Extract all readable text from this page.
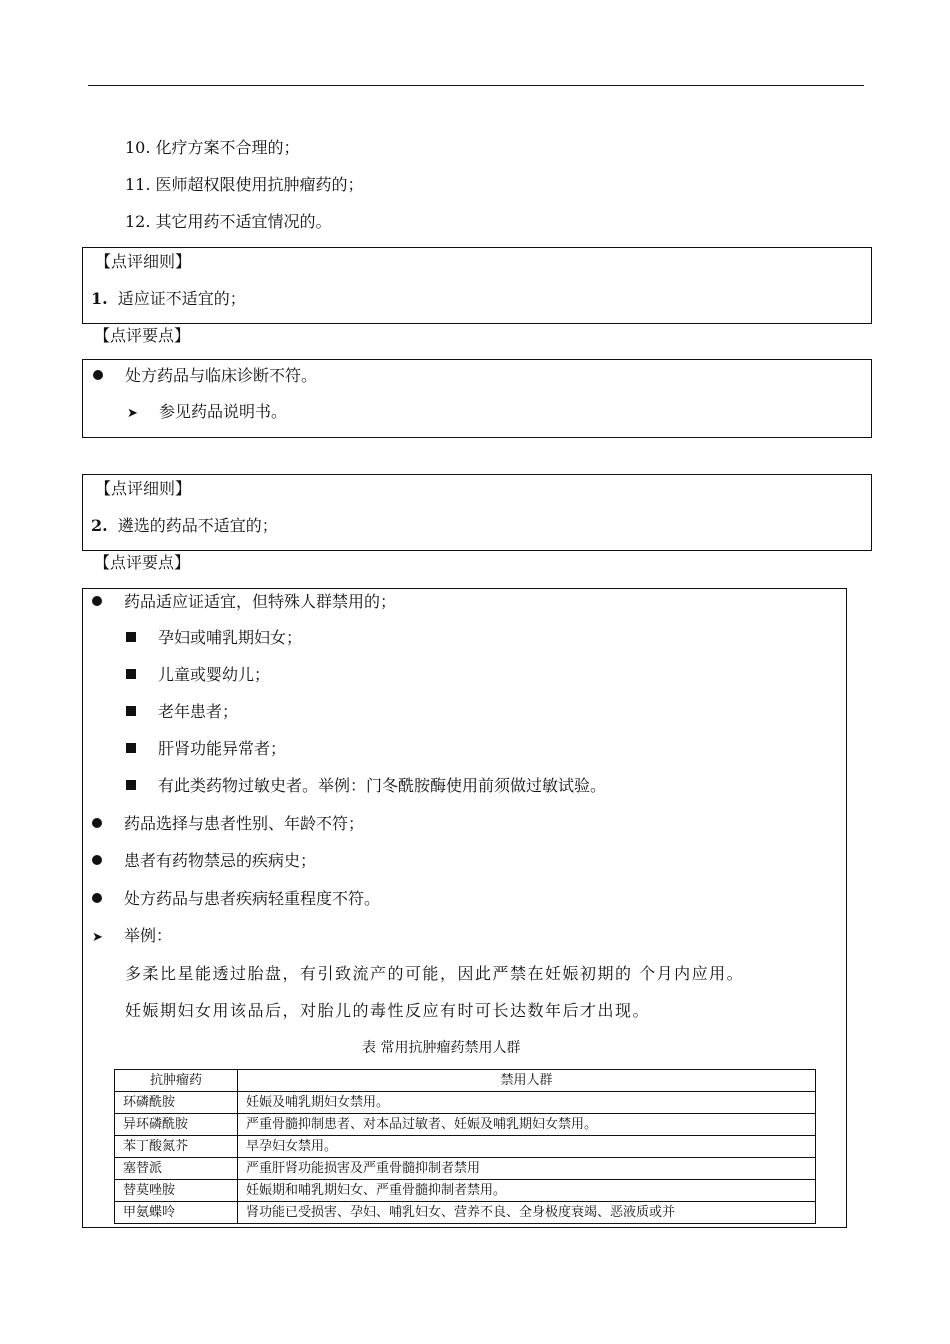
10. 化疗方案不合理的；
11. 医师超权限使用抗肿瘤药的；
12. 其它用药不适宜情况的。
【点评细则】
1. 适应证不适宜的；
【点评要点】
处方药品与临床诊断不符。
➤ 参见药品说明书。
【点评细则】
2. 遴选的药品不适宜的；
【点评要点】
药品适应证适宜，但特殊人群禁用的；
孕妇或哺乳期妇女；
儿童或婴幼儿；
老年患者；
肝肾功能异常者；
有此类药物过敏史者。举例：门冬酰胺酶使用前须做过敏试验。
药品选择与患者性别、年龄不符；
患者有药物禁忌的疾病史；
处方药品与患者疾病轻重程度不符。
➤ 举例：
多柔比星能透过胎盘，有引致流产的可能，因此严禁在妊娠初期的 个月内应用。
妊娠期妇女用该品后，对胎儿的毒性反应有时可长达数年后才出现。
表 常用抗肿瘤药禁用人群
抗肿瘤药	禁用人群
环磷酰胺	妊娠及哺乳期妇女禁用。
异环磷酰胺	严重骨髓抑制患者、对本品过敏者、妊娠及哺乳期妇女禁用。
苯丁酸氮芥	早孕妇女禁用。
塞替派	严重肝肾功能损害及严重骨髓抑制者禁用
替莫唑胺	妊娠期和哺乳期妇女、严重骨髓抑制者禁用。
甲氨蝶呤	肾功能已受损害、孕妇、哺乳妇女、营养不良、全身极度衰竭、恶液质或并
